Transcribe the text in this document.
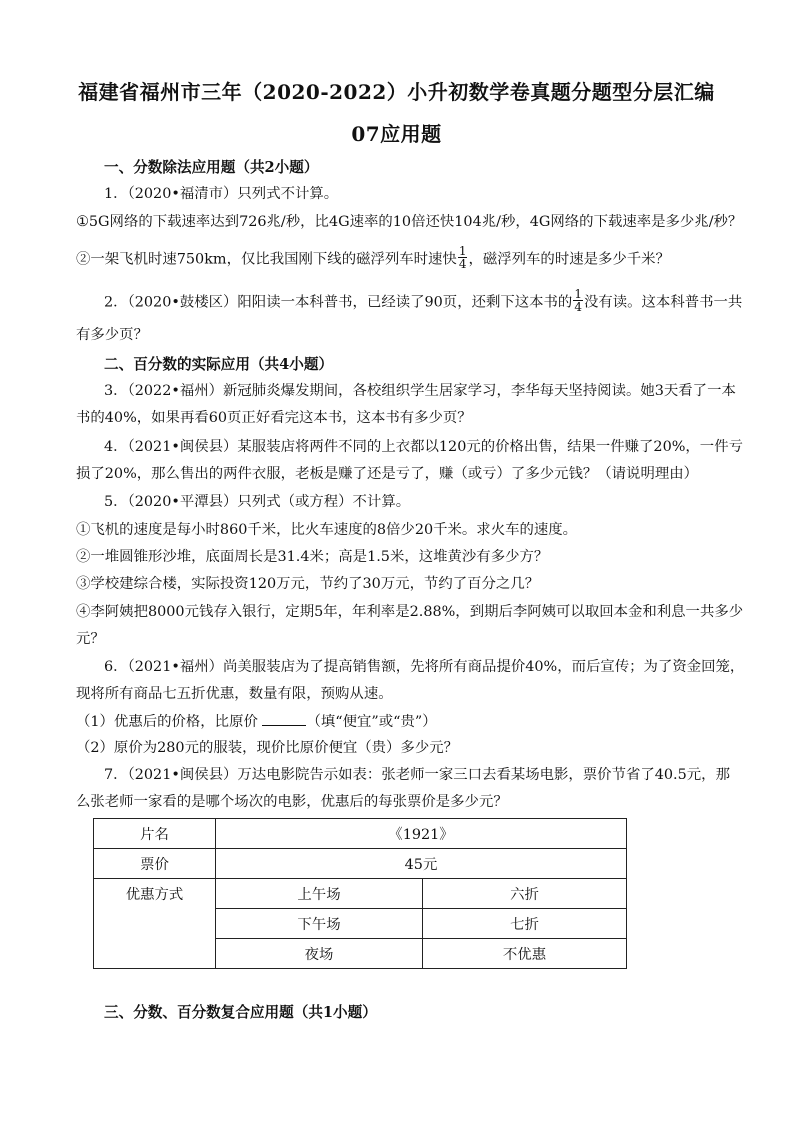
福建省福州市三年（2020-2022）小升初数学卷真题分题型分层汇编
07应用题
一、分数除法应用题（共2小题）
1．（2020•福清市）只列式不计算。
①5G网络的下载速率达到726兆/秒，比4G速率的10倍还快104兆/秒，4G网络的下载速率是多少兆/秒？
②一架飞机时速750km，仅比我国刚下线的磁浮列车时速快 $\frac{1}{4}$ ，磁浮列车的时速是多少千米？
2．（2020•鼓楼区）阳阳读一本科普书，已经读了90页，还剩下这本书的 $\frac{1}{4}$ 没有读。这本科普书一共
有多少页？
二、百分数的实际应用（共4小题）
3．（2022•福州）新冠肺炎爆发期间，各校组织学生居家学习，李华每天坚持阅读。她3天看了一本
书的40%，如果再看60页正好看完这本书，这本书有多少页？
4．（2021•闽侯县）某服装店将两件不同的上衣都以120元的价格出售，结果一件赚了20%，一件亏
损了20%，那么售出的两件衣服，老板是赚了还是亏了，赚（或亏）了多少元钱？（请说明理由）
5．（2020•平潭县）只列式（或方程）不计算。
①飞机的速度是每小时860千米，比火车速度的8倍少20千米。求火车的速度。
②一堆圆锥形沙堆，底面周长是31.4米；高是1.5米，这堆黄沙有多少方？
③学校建综合楼，实际投资120万元，节约了30万元，节约了百分之几？
④李阿姨把8000元钱存入银行，定期5年，年利率是2.88%，到期后李阿姨可以取回本金和利息一共多少
元？
6．（2021•福州）尚美服装店为了提高销售额，先将所有商品提价40%，而后宣传；为了资金回笼，
现将所有商品七五折优惠，数量有限，预购从速。
（1）优惠后的价格，比原价	（填“便宜”或“贵”）
（2）原价为280元的服装，现价比原价便宜（贵）多少元？
7．（2021•闽侯县）万达电影院告示如表：张老师一家三口去看某场电影，票价节省了40.5元，那
么张老师一家看的是哪个场次的电影，优惠后的每张票价是多少元？
片名	《1921》	
票价	45元	
优惠方式	上午场	六折
	下午场	七折
	夜场	不优惠
三、分数、百分数复合应用题（共1小题）
